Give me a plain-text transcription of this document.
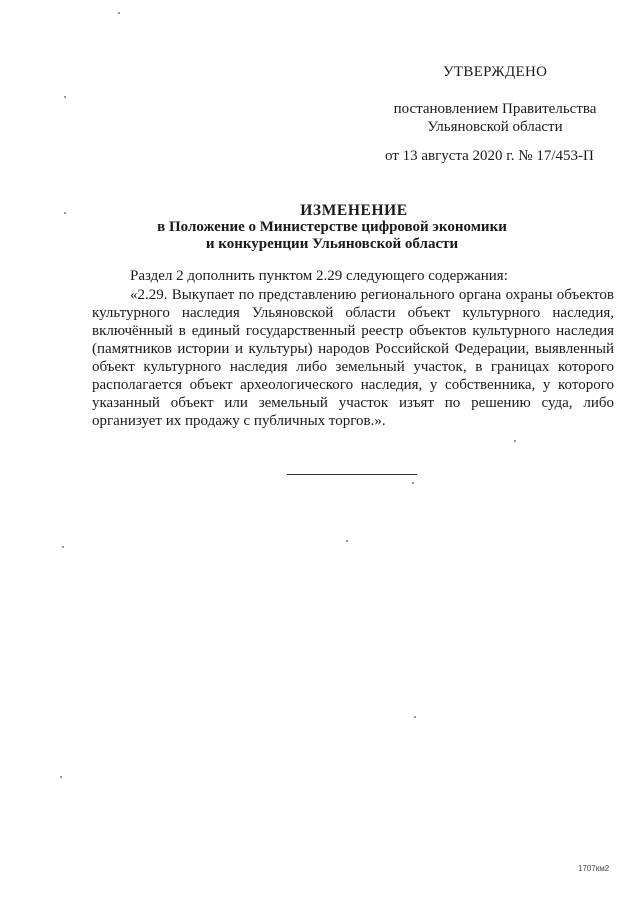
УТВЕРЖДЕНО
постановлением Правительства
Ульяновской области
от 13 августа 2020 г. № 17/453-П
ИЗМЕНЕНИЕ
в Положение о Министерстве цифровой экономики
и конкуренции Ульяновской области
Раздел 2 дополнить пунктом 2.29 следующего содержания:

«2.29. Выкупает по представлению регионального органа охраны объектов культурного наследия Ульяновской области объект культурного наследия, включённый в единый государственный реестр объектов культурного наследия (памятников истории и культуры) народов Российской Федерации, выявленный объект культурного наследия либо земельный участок, в границах которого располагается объект археологического наследия, у собственника, у которого указанный объект или земельный участок изъят по решению суда, либо организует их продажу с публичных торгов.».

1707км2
